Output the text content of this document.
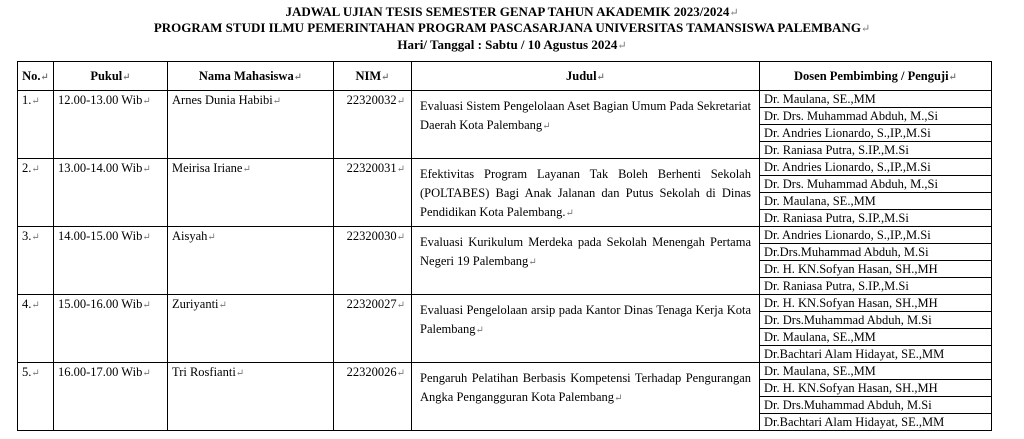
JADWAL UJIAN TESIS SEMESTER GENAP TAHUN AKADEMIK 2023/2024↵
PROGRAM STUDI ILMU PEMERINTAHAN PROGRAM PASCASARJANA UNIVERSITAS TAMANSISWA PALEMBANG↵
Hari/ Tanggal : Sabtu / 10 Agustus 2024↵
No.↵	Pukul↵	Nama Mahasiswa↵	NIM↵	Judul↵	Dosen Pembimbing / Penguji↵
1.↵	12.00-13.00 Wib↵	Arnes Dunia Habibi↵	22320032↵	Evaluasi Sistem Pengelolaan Aset Bagian Umum Pada Sekretariat Daerah Kota Palembang↵	Dr. Maulana, SE.,MM
					Dr. Drs. Muhammad Abduh, M.,Si
					Dr. Andries Lionardo, S.,IP.,M.Si
					Dr. Raniasa Putra, S.IP.,M.Si
2.↵	13.00-14.00 Wib↵	Meirisa Iriane↵	22320031↵	Efektivitas Program Layanan Tak Boleh Berhenti Sekolah (POLTABES) Bagi Anak Jalanan dan Putus Sekolah di Dinas Pendidikan Kota Palembang.↵	Dr. Andries Lionardo, S.,IP.,M.Si
					Dr. Drs. Muhammad Abduh, M.,Si
					Dr. Maulana, SE.,MM
					Dr. Raniasa Putra, S.IP.,M.Si
3.↵	14.00-15.00 Wib↵	Aisyah↵	22320030↵	Evaluasi Kurikulum Merdeka pada Sekolah Menengah Pertama Negeri 19 Palembang↵	Dr. Andries Lionardo, S.,IP.,M.Si
					Dr.Drs.Muhammad Abduh, M.Si
					Dr. H. KN.Sofyan Hasan, SH.,MH
					Dr. Raniasa Putra, S.IP.,M.Si
4.↵	15.00-16.00 Wib↵	Zuriyanti↵	22320027↵	Evaluasi Pengelolaan arsip pada Kantor Dinas Tenaga Kerja Kota Palembang↵	Dr. H. KN.Sofyan Hasan, SH.,MH
					Dr. Drs.Muhammad Abduh, M.Si
					Dr. Maulana, SE.,MM
					Dr.Bachtari Alam Hidayat, SE.,MM
5.↵	16.00-17.00 Wib↵	Tri Rosfianti↵	22320026↵	Pengaruh Pelatihan Berbasis Kompetensi Terhadap Pengurangan Angka Pengangguran Kota Palembang↵	Dr. Maulana, SE.,MM
					Dr. H. KN.Sofyan Hasan, SH.,MH
					Dr. Drs.Muhammad Abduh, M.Si
					Dr.Bachtari Alam Hidayat, SE.,MM
